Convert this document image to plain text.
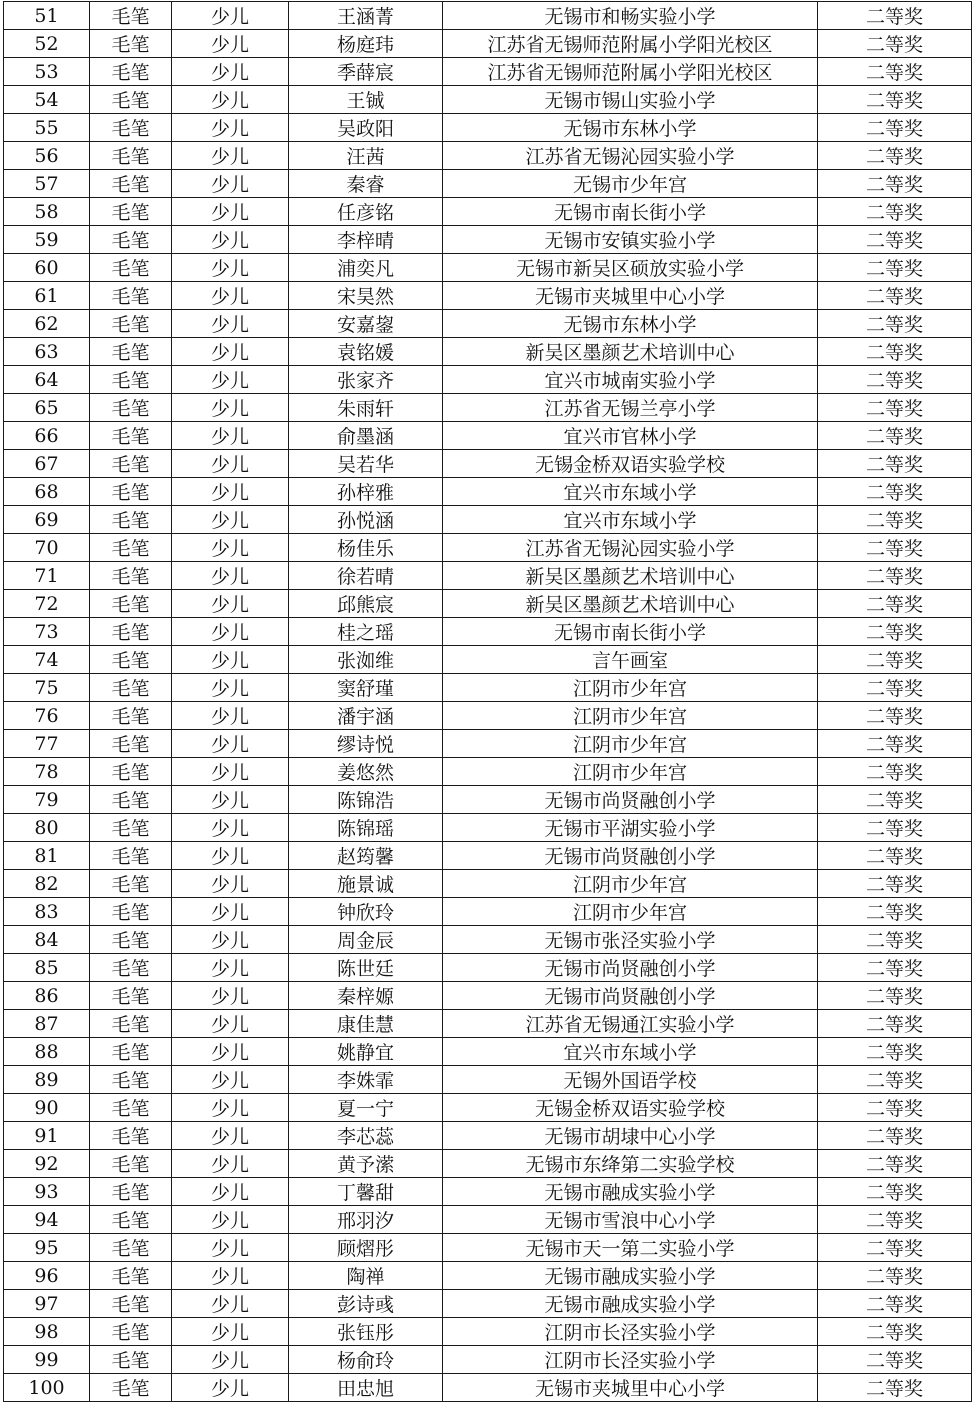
51	毛笔	少儿	王涵菁	无锡市和畅实验小学	二等奖
52	毛笔	少儿	杨庭玮	江苏省无锡师范附属小学阳光校区	二等奖
53	毛笔	少儿	季薛宸	江苏省无锡师范附属小学阳光校区	二等奖
54	毛笔	少儿	王铖	无锡市锡山实验小学	二等奖
55	毛笔	少儿	吴政阳	无锡市东林小学	二等奖
56	毛笔	少儿	汪茜	江苏省无锡沁园实验小学	二等奖
57	毛笔	少儿	秦睿	无锡市少年宫	二等奖
58	毛笔	少儿	任彦铭	无锡市南长街小学	二等奖
59	毛笔	少儿	李梓晴	无锡市安镇实验小学	二等奖
60	毛笔	少儿	浦奕凡	无锡市新吴区硕放实验小学	二等奖
61	毛笔	少儿	宋昊然	无锡市夹城里中心小学	二等奖
62	毛笔	少儿	安嘉鋆	无锡市东林小学	二等奖
63	毛笔	少儿	袁铭媛	新吴区墨颜艺术培训中心	二等奖
64	毛笔	少儿	张家齐	宜兴市城南实验小学	二等奖
65	毛笔	少儿	朱雨轩	江苏省无锡兰亭小学	二等奖
66	毛笔	少儿	俞墨涵	宜兴市官林小学	二等奖
67	毛笔	少儿	吴若华	无锡金桥双语实验学校	二等奖
68	毛笔	少儿	孙梓雅	宜兴市东域小学	二等奖
69	毛笔	少儿	孙悦涵	宜兴市东域小学	二等奖
70	毛笔	少儿	杨佳乐	江苏省无锡沁园实验小学	二等奖
71	毛笔	少儿	徐若晴	新吴区墨颜艺术培训中心	二等奖
72	毛笔	少儿	邱熊宸	新吴区墨颜艺术培训中心	二等奖
73	毛笔	少儿	桂之瑶	无锡市南长街小学	二等奖
74	毛笔	少儿	张洳维	言午画室	二等奖
75	毛笔	少儿	窦舒瑾	江阴市少年宫	二等奖
76	毛笔	少儿	潘宇涵	江阴市少年宫	二等奖
77	毛笔	少儿	缪诗悦	江阴市少年宫	二等奖
78	毛笔	少儿	姜悠然	江阴市少年宫	二等奖
79	毛笔	少儿	陈锦浩	无锡市尚贤融创小学	二等奖
80	毛笔	少儿	陈锦瑶	无锡市平湖实验小学	二等奖
81	毛笔	少儿	赵筠馨	无锡市尚贤融创小学	二等奖
82	毛笔	少儿	施景诚	江阴市少年宫	二等奖
83	毛笔	少儿	钟欣玲	江阴市少年宫	二等奖
84	毛笔	少儿	周金辰	无锡市张泾实验小学	二等奖
85	毛笔	少儿	陈世廷	无锡市尚贤融创小学	二等奖
86	毛笔	少儿	秦梓嫄	无锡市尚贤融创小学	二等奖
87	毛笔	少儿	康佳慧	江苏省无锡通江实验小学	二等奖
88	毛笔	少儿	姚静宜	宜兴市东域小学	二等奖
89	毛笔	少儿	李姝霏	无锡外国语学校	二等奖
90	毛笔	少儿	夏一宁	无锡金桥双语实验学校	二等奖
91	毛笔	少儿	李芯蕊	无锡市胡埭中心小学	二等奖
92	毛笔	少儿	黄予潆	无锡市东绛第二实验学校	二等奖
93	毛笔	少儿	丁馨甜	无锡市融成实验小学	二等奖
94	毛笔	少儿	邢羽汐	无锡市雪浪中心小学	二等奖
95	毛笔	少儿	顾熠彤	无锡市天一第二实验小学	二等奖
96	毛笔	少儿	陶禅	无锡市融成实验小学	二等奖
97	毛笔	少儿	彭诗彧	无锡市融成实验小学	二等奖
98	毛笔	少儿	张钰彤	江阴市长泾实验小学	二等奖
99	毛笔	少儿	杨俞玲	江阴市长泾实验小学	二等奖
100	毛笔	少儿	田忠旭	无锡市夹城里中心小学	二等奖
